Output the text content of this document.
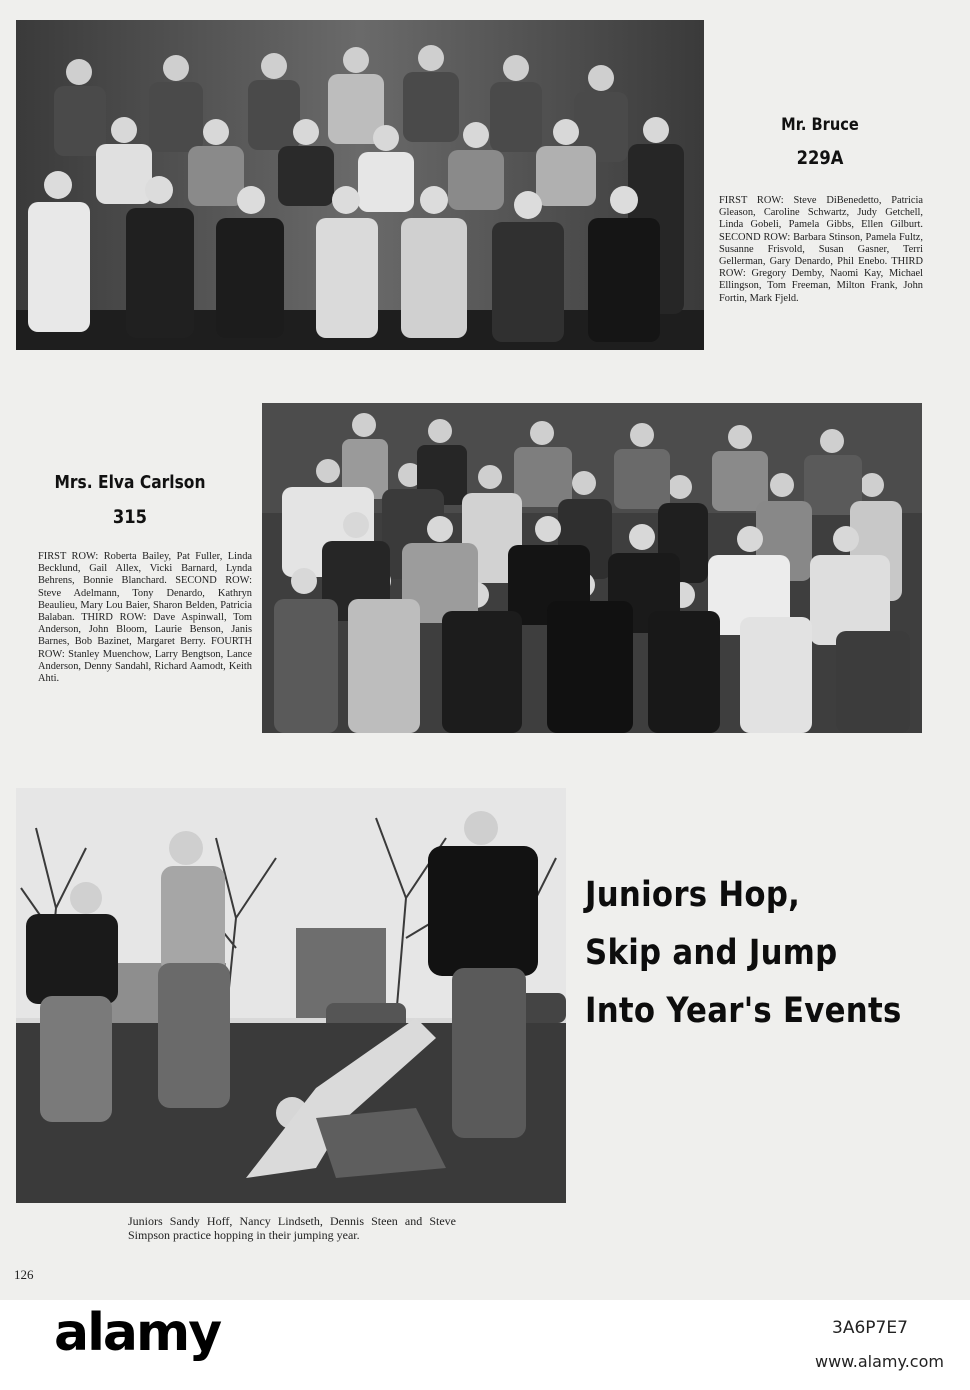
Mr. Bruce
229A
FIRST ROW: Steve DiBenedetto, Patricia Gleason, Caroline Schwartz, Judy Getchell, Linda Gobeli, Pamela Gibbs, Ellen Gilburt. SECOND ROW: Barbara Stinson, Pamela Fultz, Susanne Frisvold, Susan Gasner, Terri Gellerman, Gary Denardo, Phil Enebo. THIRD ROW: Gregory Demby, Naomi Kay, Michael Ellingson, Tom Freeman, Milton Frank, John Fortin, Mark Fjeld.
Mrs. Elva Carlson
315
FIRST ROW: Roberta Bailey, Pat Fuller, Linda Becklund, Gail Allex, Vicki Barnard, Lynda Behrens, Bonnie Blanchard. SECOND ROW: Steve Adelmann, Tony Denardo, Kathryn Beaulieu, Mary Lou Baier, Sharon Belden, Patricia Balaban. THIRD ROW: Dave Aspinwall, Tom Anderson, John Bloom, Laurie Benson, Janis Barnes, Bob Bazinet, Margaret Berry. FOURTH ROW: Stanley Muenchow, Larry Bengtson, Lance Anderson, Denny Sandahl, Richard Aamodt, Keith Ahti.
Juniors Hop,
Skip and Jump
Into Year's Events
Juniors Sandy Hoff, Nancy Lindseth, Dennis Steen and Steve Simpson practice hopping in their jumping year.
126
alamy	3A6P7E7
www.alamy.com
